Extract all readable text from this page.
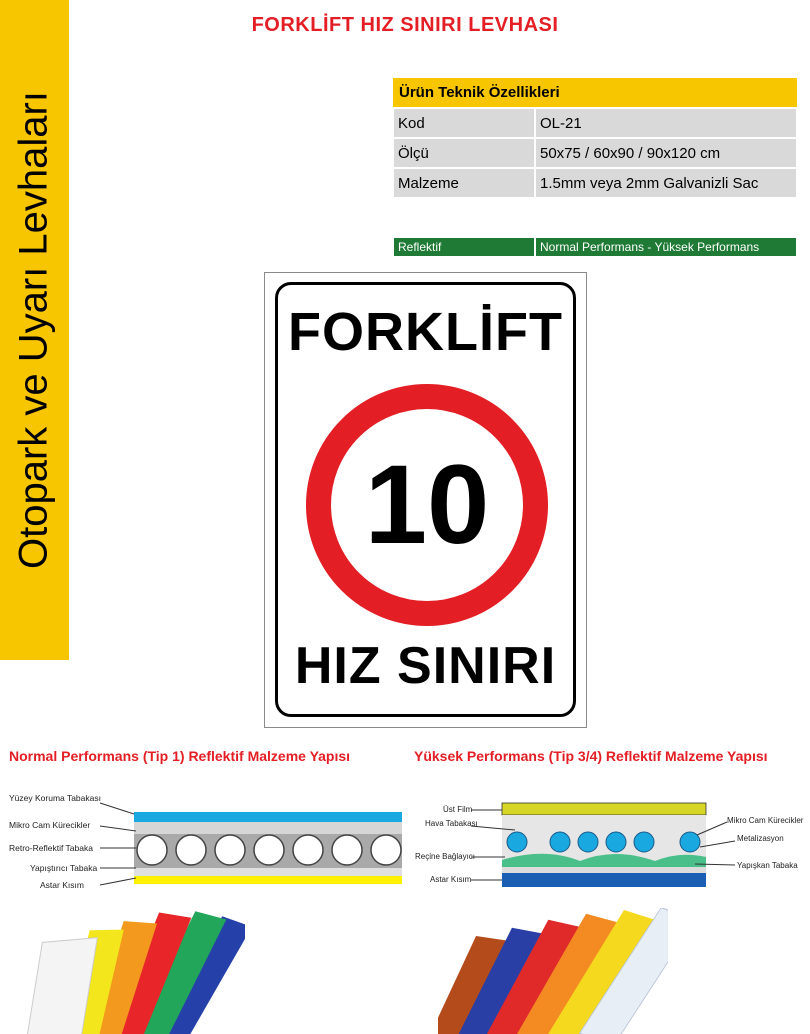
Otopark ve Uyarı Levhaları
FORKLİFT HIZ SINIRI LEVHASI
Ürün Teknik Özellikleri	
Kod	OL-21
Ölçü	50x75 / 60x90 / 90x120 cm
Malzeme	1.5mm veya 2mm Galvanizli Sac
Reflektif	Normal Performans - Yüksek Performans
FORKLİFT
10
HIZ SINIRI
Normal Performans (Tip 1) Reflektif Malzeme Yapısı	Yüksek Performans (Tip 3/4) Reflektif Malzeme Yapısı
Yüzey Koruma Tabakası
Mikro Cam Kürecikler
Retro-Reflektif Tabaka
Yapıştırıcı Tabaka
Astar Kısım
Üst Film
Hava Tabakası
Reçine Bağlayıcı
Astar Kısım
Mikro Cam Kürecikler
Metalizasyon
Yapışkan Tabaka
